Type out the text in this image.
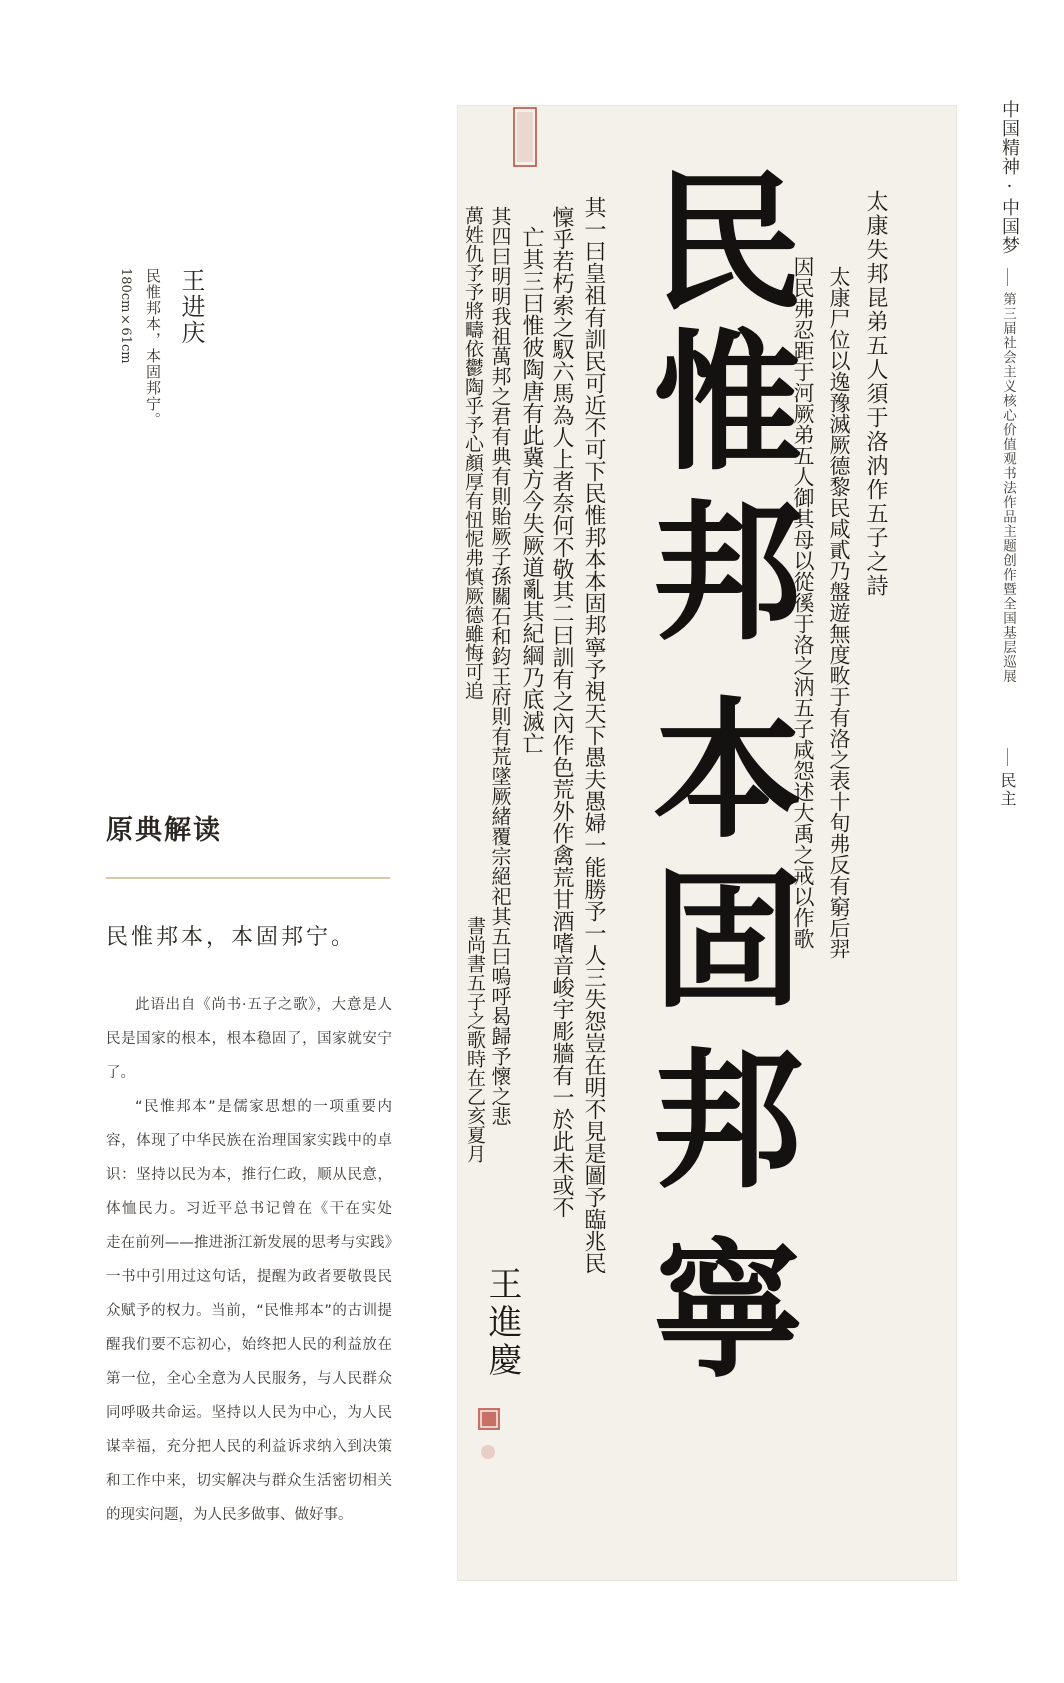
王进庆
民惟邦本，本固邦宁。
180cm×61cm
原典解读
民惟邦本，本固邦宁。

此语出自《尚书·五子之歌》，大意是人民是国家的根本，根本稳固了，国家就安宁了。

“民惟邦本”是儒家思想的一项重要内容，体现了中华民族在治理国家实践中的卓识：坚持以民为本，推行仁政，顺从民意，体恤民力。习近平总书记曾在《干在实处　走在前列——推进浙江新发展的思考与实践》一书中引用过这句话，提醒为政者要敬畏民众赋予的权力。当前，“民惟邦本”的古训提醒我们要不忘初心，始终把人民的利益放在第一位，全心全意为人民服务，与人民群众同呼吸共命运。坚持以人民为中心，为人民谋幸福，充分把人民的利益诉求纳入到决策和工作中来，切实解决与群众生活密切相关的现实问题，为人民多做事、做好事。

民
惟
邦
本
固
邦
寧
太康失邦昆弟五人須于洛汭作五子之詩
太康尸位以逸豫滅厥德黎民咸貳乃盤遊無度畋于有洛之表十旬弗反有窮后羿
因民弗忍距于河厥弟五人御其母以從徯于洛之汭五子咸怨述大禹之戒以作歌
其一曰皇祖有訓民可近不可下民惟邦本本固邦寧予視天下愚夫愚婦一能勝予一人三失怨豈在明不見是圖予臨兆民
懍乎若朽索之馭六馬為人上者奈何不敬其二曰訓有之內作色荒外作禽荒甘酒嗜音峻宇彫牆有一於此未或不
亡其三曰惟彼陶唐有此冀方今失厥道亂其紀綱乃底滅亡
其四曰明明我祖萬邦之君有典有則貽厥子孫關石和鈞王府則有荒墜厥緒覆宗絕祀其五曰嗚呼曷歸予懷之悲
萬姓仇予予將疇依鬱陶乎予心顏厚有忸怩弗慎厥德雖悔可追
書尚書五子之歌時在乙亥夏月
王進慶
中国精神·中国梦
第三届社会主义核心价值观书法作品主题创作暨全国基层巡展
民主
